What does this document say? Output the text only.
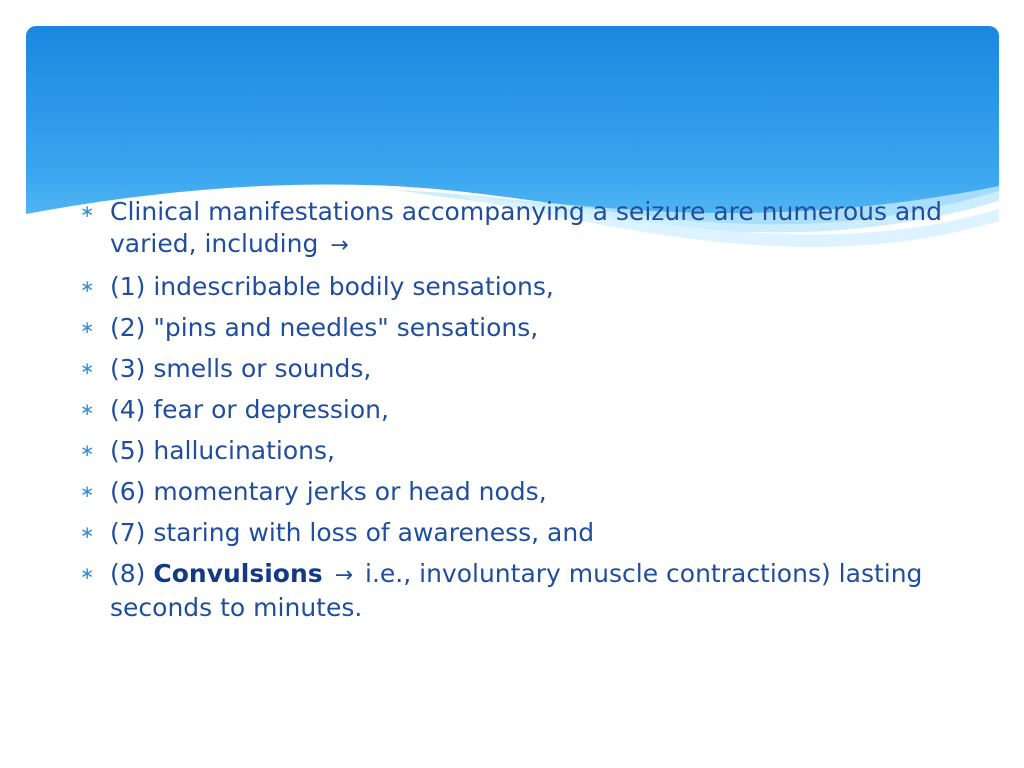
∗ Clinical manifestations accompanying a seizure are numerous and varied, including →
∗ (1) indescribable bodily sensations,
∗ (2) "pins and needles" sensations,
∗ (3) smells or sounds,
∗ (4) fear or depression,
∗ (5) hallucinations,
∗ (6) momentary jerks or head nods,
∗ (7) staring with loss of awareness, and
∗ (8) Convulsions → i.e., involuntary muscle contractions) lasting seconds to minutes.
